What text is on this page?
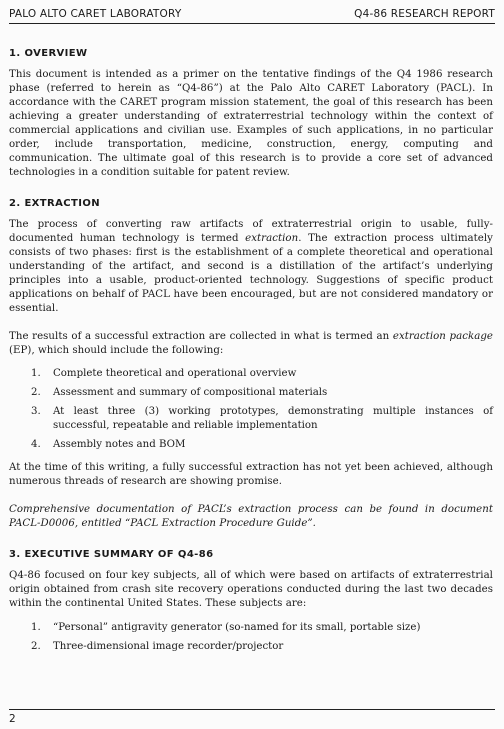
PALO ALTO CARET LABORATORY	Q4-86 RESEARCH REPORT
1. OVERVIEW

This document is intended as a primer on the tentative findings of the Q4 1986 research phase (referred to herein as “Q4-86”) at the Palo Alto CARET Laboratory (PACL). In accordance with the CARET program mission statement, the goal of this research has been achieving a greater understanding of extraterrestrial technology within the context of commercial applications and civilian use. Examples of such applications, in no particular order, include transportation, medicine, construction, energy, computing and communication. The ultimate goal of this research is to provide a core set of advanced technologies in a condition suitable for patent review.

2. EXTRACTION

The process of converting raw artifacts of extraterrestrial origin to usable, fully-documented human technology is termed extraction. The extraction process ultimately consists of two phases: first is the establishment of a complete theoretical and operational understanding of the artifact, and second is a distillation of the artifact’s underlying principles into a usable, product-oriented technology. Suggestions of specific product applications on behalf of PACL have been encouraged, but are not considered mandatory or essential.

The results of a successful extraction are collected in what is termed an extraction package (EP), which should include the following:

1. Complete theoretical and operational overview
2. Assessment and summary of compositional materials
3. At least three (3) working prototypes, demonstrating multiple instances of successful, repeatable and reliable implementation
4. Assembly notes and BOM

At the time of this writing, a fully successful extraction has not yet been achieved, although numerous threads of research are showing promise.

Comprehensive documentation of PACL’s extraction process can be found in document PACL-D0006, entitled “PACL Extraction Procedure Guide”.

3. EXECUTIVE SUMMARY OF Q4-86

Q4-86 focused on four key subjects, all of which were based on artifacts of extraterrestrial origin obtained from crash site recovery operations conducted during the last two decades within the continental United States. These subjects are:

1. “Personal” antigravity generator (so-named for its small, portable size)
2. Three-dimensional image recorder/projector
2
